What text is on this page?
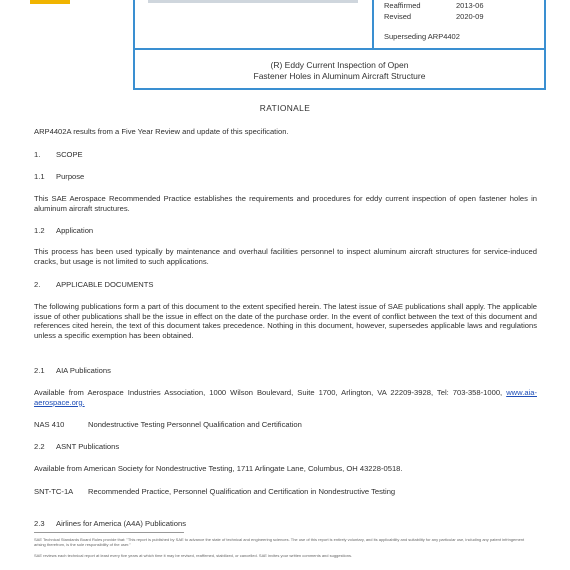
Reaffirmed	2013-06
Revised	2020-09
Superseding ARP4402
(R) Eddy Current Inspection of Open
Fastener Holes in Aluminum Aircraft Structure
RATIONALE
ARP4402A results from a Five Year Review and update of this specification.
1. SCOPE
1.1 Purpose
This SAE Aerospace Recommended Practice establishes the requirements and procedures for eddy current inspection of open fastener holes in aluminum aircraft structures.
1.2 Application
This process has been used typically by maintenance and overhaul facilities personnel to inspect aluminum aircraft structures for service-induced cracks, but usage is not limited to such applications.
2. APPLICABLE DOCUMENTS
The following publications form a part of this document to the extent specified herein. The latest issue of SAE publications shall apply. The applicable issue of other publications shall be the issue in effect on the date of the purchase order. In the event of conflict between the text of this document and references cited herein, the text of this document takes precedence. Nothing in this document, however, supersedes applicable laws and regulations unless a specific exemption has been obtained.
2.1 AIA Publications
Available from Aerospace Industries Association, 1000 Wilson Boulevard, Suite 1700, Arlington, VA 22209-3928, Tel: 703-358-1000, www.aia-aerospace.org.
NAS 410	Nondestructive Testing Personnel Qualification and Certification
2.2 ASNT Publications
Available from American Society for Nondestructive Testing, 1711 Arlingate Lane, Columbus, OH 43228-0518.
SNT-TC-1A Recommended Practice, Personnel Qualification and Certification in Nondestructive Testing
2.3 Airlines for America (A4A) Publications
SAE Technical Standards Board Rules provide that: "This report is published by SAE to advance the state of technical and engineering sciences. The use of this report is entirely voluntary, and its applicability and suitability for any particular use, including any patent infringement arising therefrom, is the sole responsibility of the user."
SAE reviews each technical report at least every five years at which time it may be revised, reaffirmed, stabilized, or cancelled. SAE invites your written comments and suggestions.
